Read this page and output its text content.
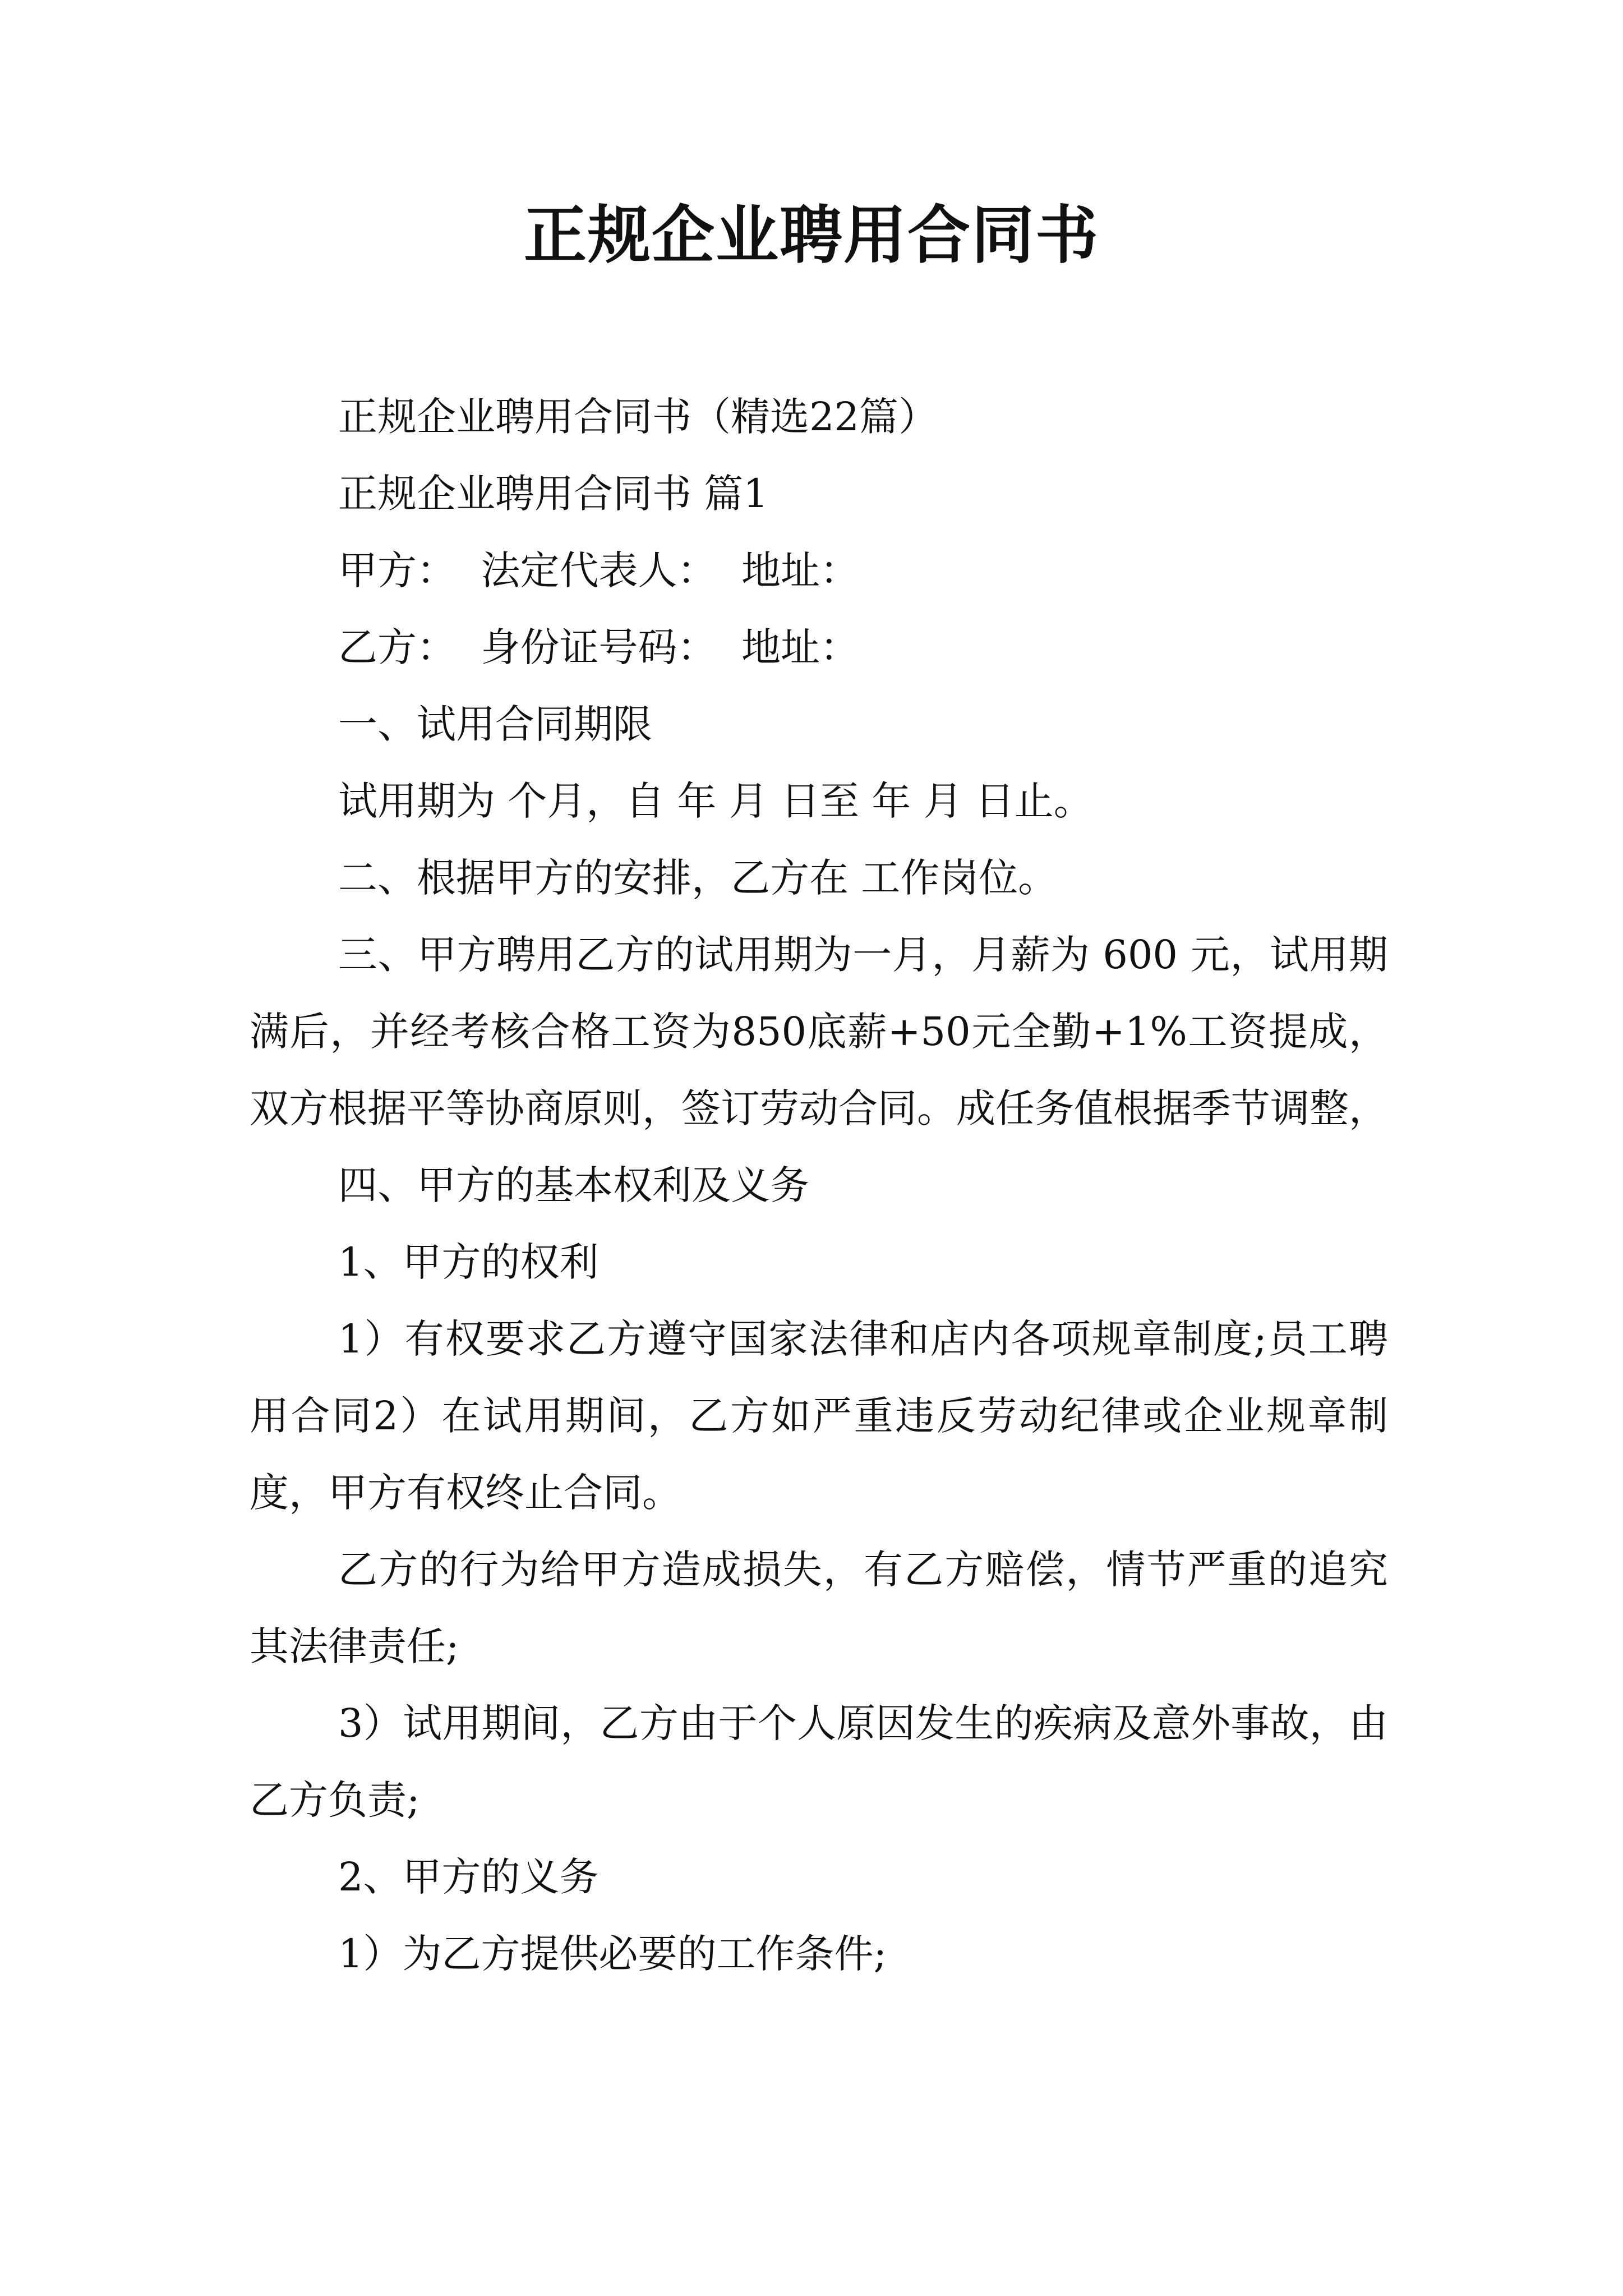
正规企业聘用合同书

正规企业聘用合同书（精选22篇）

正规企业聘用合同书 篇1

甲方：  法定代表人：  地址：

乙方：  身份证号码：  地址：

一、试用合同期限

试用期为 个月，自 年 月 日至 年 月 日止。

二、根据甲方的安排，乙方在 工作岗位。

三、甲方聘用乙方的试用期为一月，月薪为 600 元，试用期满后，并经考核合格工资为850底薪+50元全勤+1%工资提成，双方根据平等协商原则，签订劳动合同。成任务值根据季节调整，

四、甲方的基本权利及义务

1、甲方的权利

1）有权要求乙方遵守国家法律和店内各项规章制度;员工聘用合同2）在试用期间，乙方如严重违反劳动纪律或企业规章制度，甲方有权终止合同。

乙方的行为给甲方造成损失，有乙方赔偿，情节严重的追究其法律责任;

3）试用期间，乙方由于个人原因发生的疾病及意外事故，由乙方负责;

2、甲方的义务

1）为乙方提供必要的工作条件;
